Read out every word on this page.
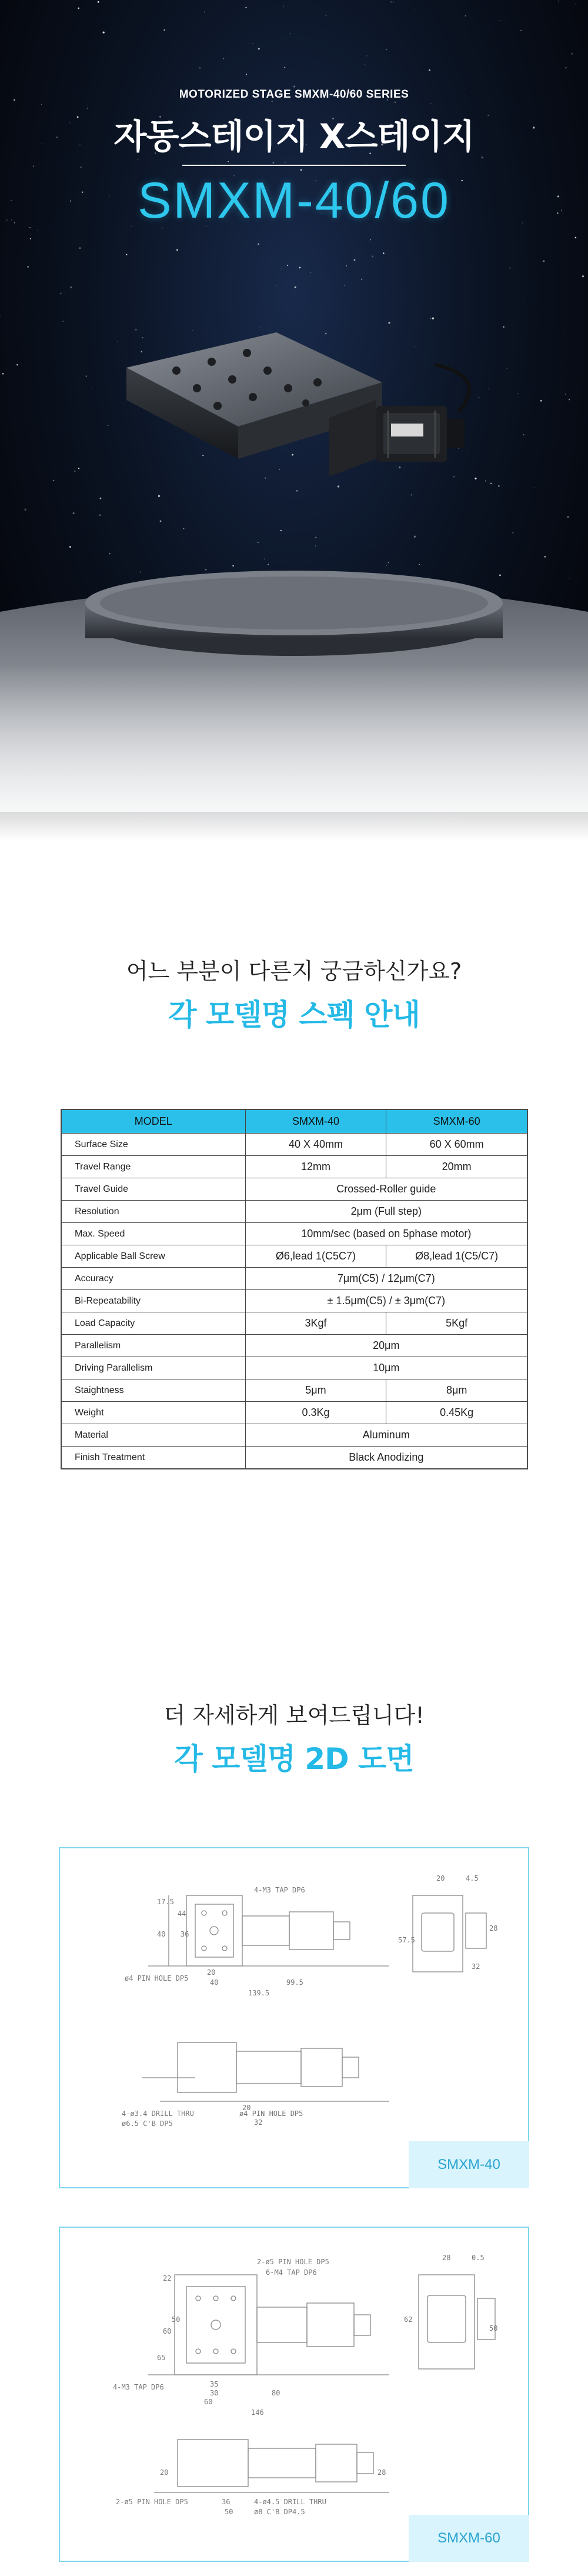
MOTORIZED STAGE SMXM-40/60 SERIES
자동스테이지 X스테이지
SMXM-40/60
어느 부분이 다른지 궁금하신가요?
각 모델명 스펙 안내
MODEL	SMXM-40	SMXM-60
Surface Size	40 X 40mm	60 X 60mm
Travel Range	12mm	20mm
Travel Guide	Crossed-Roller guide	
Resolution	2μm (Full step)	
Max. Speed	10mm/sec (based on 5phase motor)	
Applicable Ball Screw	Ø6,lead 1(C5C7)	Ø8,lead 1(C5/C7)
Accuracy	7μm(C5) / 12μm(C7)	
Bi-Repeatability	± 1.5μm(C5) / ± 3μm(C7)	
Load Capacity	3Kgf	5Kgf
Parallelism	20μm	
Driving Parallelism	10μm	
Staightness	5μm	8μm
Weight	0.3Kg	0.45Kg
Material	Aluminum	
Finish Treatment	Black Anodizing	
더 자세하게 보여드립니다!
각 모델명 2D 도면
4-M3 TAP DP6
ø4 PIN HOLE DP5
4-ø3.4 DRILL THRU
ø6.5 C'B DP5
ø4 PIN HOLE DP5
20	4.5
17.5
40 36
44
20
40	99.5
139.5
57.5
28
32
20
32
SMXM-40
2-ø5 PIN HOLE DP5
6-M4 TAP DP6
4-M3 TAP DP6
4-ø4.5 DRILL THRU
ø8 C'B DP4.5
2-ø5 PIN HOLE DP5
28	0.5
22
60
50
65
35
30
60
80
146
62
50
36
50
20	28
SMXM-60
